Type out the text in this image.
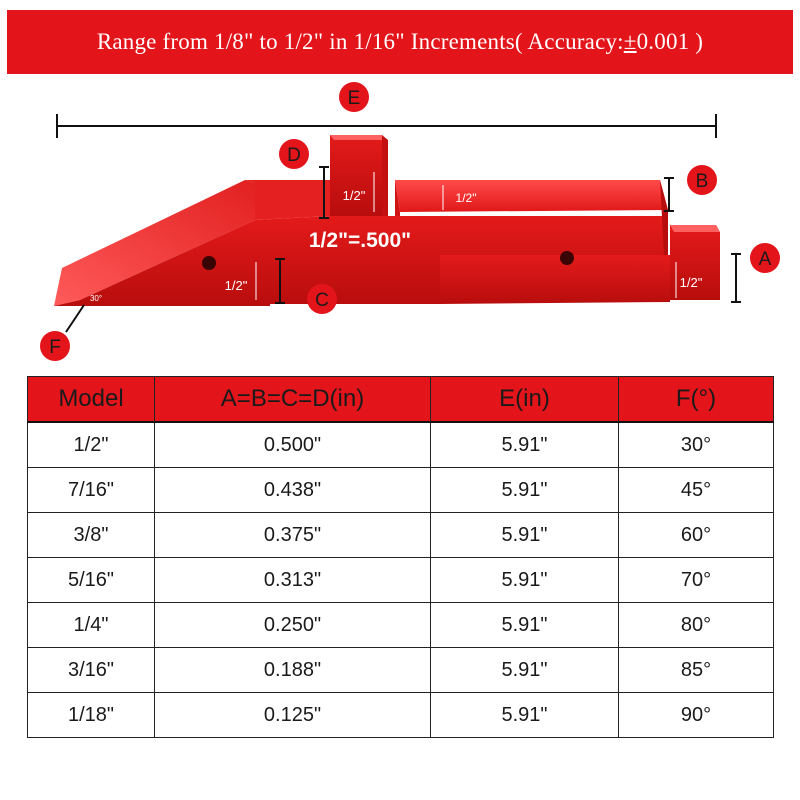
Range from 1/8" to 1/2" in 1/16" Increments( Accuracy:±0.001 )
1/2"=.500"
1/2"	1/2"
1/2"	1/2"
30°
E
D
B
A
C
F
Model	A=B=C=D(in)	E(in)	F(°)
1/2"	0.500"	5.91"	30°
7/16"	0.438"	5.91"	45°
3/8"	0.375"	5.91"	60°
5/16"	0.313"	5.91"	70°
1/4"	0.250"	5.91"	80°
3/16"	0.188"	5.91"	85°
1/18"	0.125"	5.91"	90°
